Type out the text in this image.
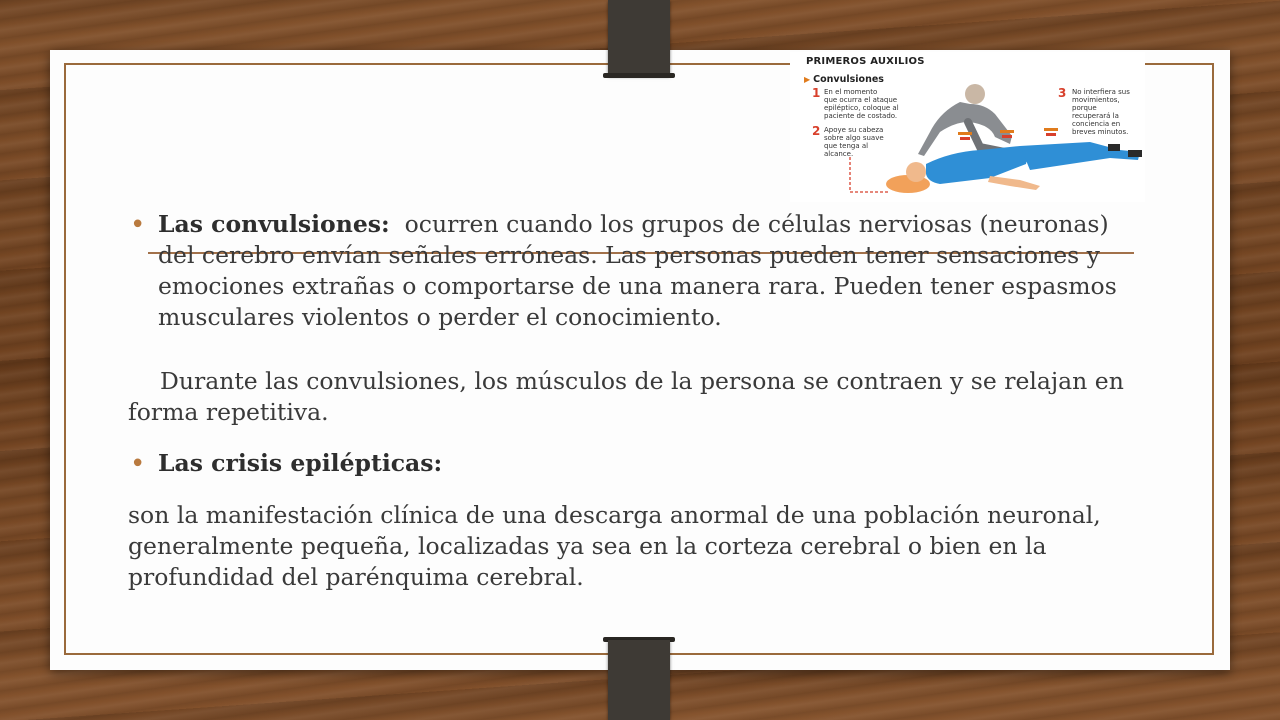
PRIMEROS AUXILIOS
▶ Convulsiones
1 En el momento
que ocurra el ataque
epiléptico, coloque al
paciente de costado.
2 Apoye su cabeza
sobre algo suave
que tenga al
alcance.
3 No interfiera sus
movimientos,
porque
recuperará la
conciencia en
breves minutos.
• Las convulsiones: ocurren cuando los grupos de células nerviosas (neuronas) del cerebro envían señales erróneas. Las personas pueden tener sensaciones y emociones extrañas o comportarse de una manera rara. Pueden tener espasmos musculares violentos o perder el conocimiento.

Durante las convulsiones, los músculos de la persona se contraen y se relajan en forma repetitiva.

• Las crisis epilépticas:

son la manifestación clínica de una descarga anormal de una población neuronal, generalmente pequeña, localizadas ya sea en la corteza cerebral o bien en la profundidad del parénquima cerebral.
